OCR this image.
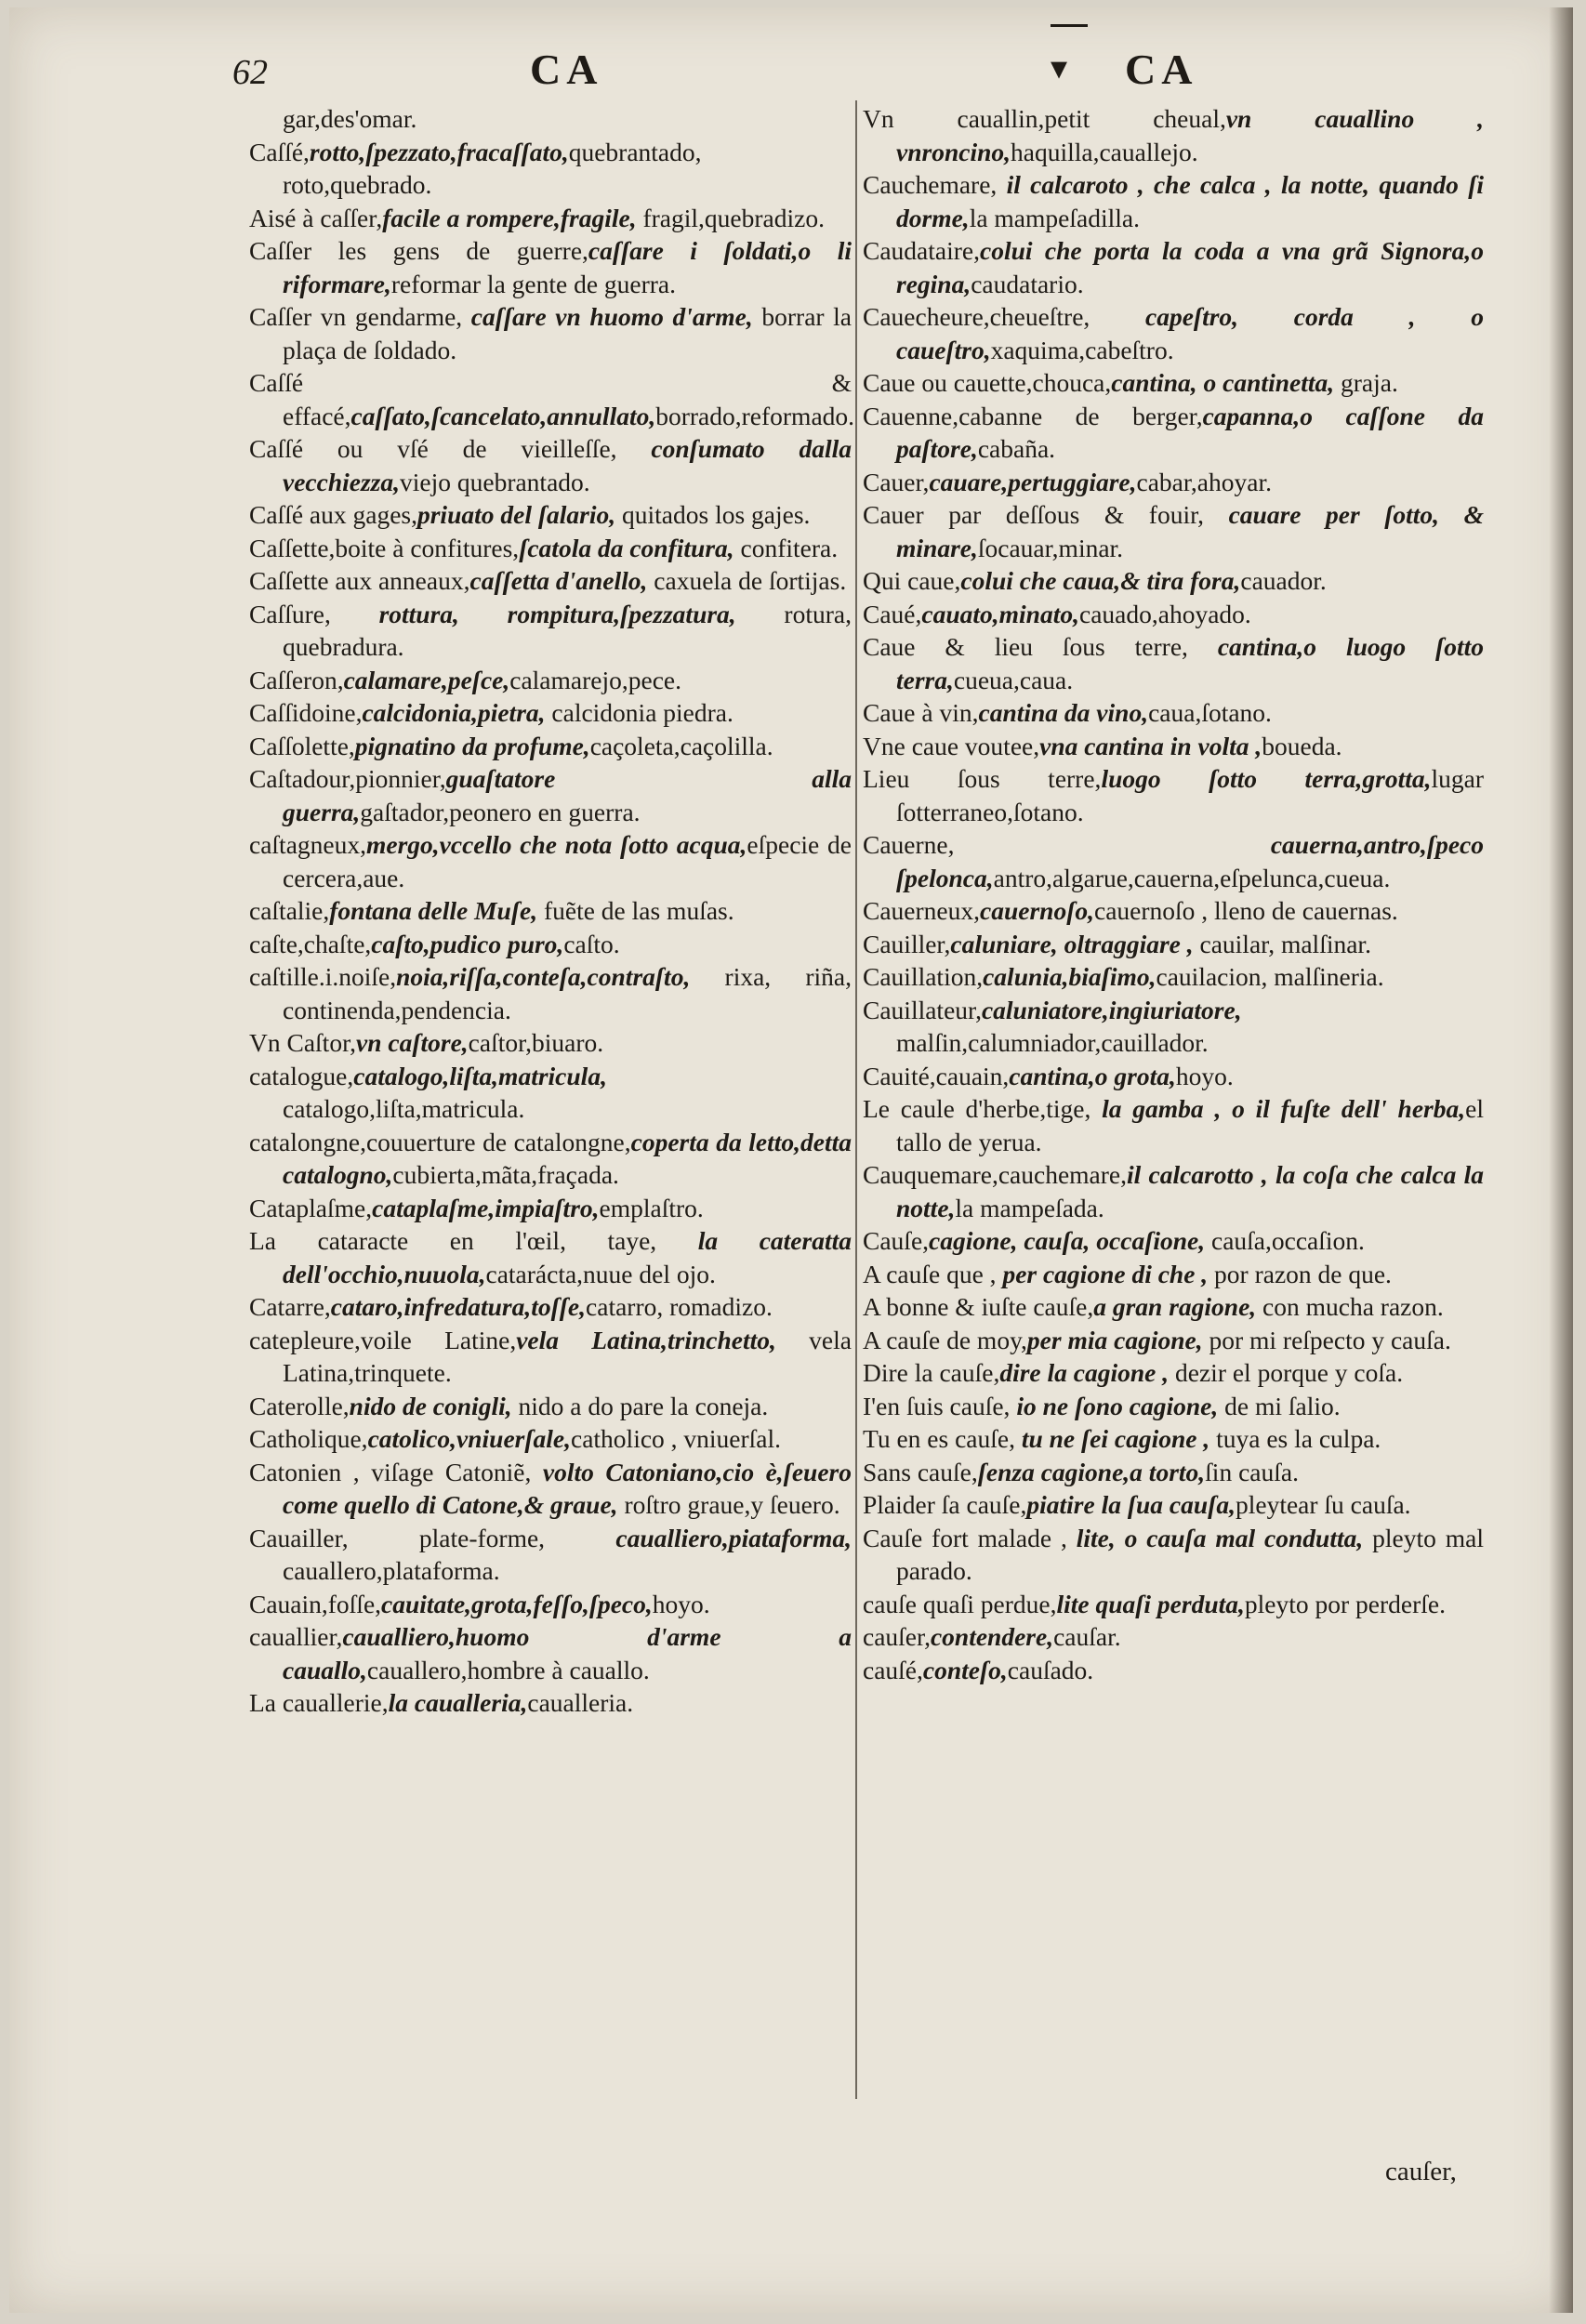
62	CA	▾ CA

gar,des'omar.

Caſſé,rotto,ſpezzato,fracaſſato,quebrantado, roto,quebrado.

Aisé à caſſer,facile a rompere,fragile, fragil,quebradizo.

Caſſer les gens de guerre,caſſare i ſoldati,o li riformare,reformar la gente de guerra.

Caſſer vn gendarme, caſſare vn huomo d'arme, borrar la plaça de ſoldado.

Caſſé & effacé,caſſato,ſcancelato,annullato,borrado,reformado.

Caſſé ou vſé de vieilleſſe, conſumato dalla vecchiezza,viejo quebrantado.

Caſſé aux gages,priuato del ſalario, quitados los gajes.

Caſſette,boite à confitures,ſcatola da confitura, confitera.

Caſſette aux anneaux,caſſetta d'anello, caxuela de ſortijas.

Caſſure, rottura, rompitura,ſpezzatura, rotura, quebradura.

Caſſeron,calamare,peſce,calamarejo,pece.

Caſſidoine,calcidonia,pietra, calcidonia piedra.

Caſſolette,pignatino da profume,caçoleta,caçolilla.

Caſtadour,pionnier,guaſtatore alla guerra,gaſtador,peonero en guerra.

caſtagneux,mergo,vccello che nota ſotto acqua,eſpecie de cercera,aue.

caſtalie,fontana delle Muſe, fuẽte de las muſas.

caſte,chaſte,caſto,pudico puro,caſto.

caſtille.i.noiſe,noia,riſſa,conteſa,contraſto, rixa, riña, continenda,pendencia.

Vn Caſtor,vn caſtore,caſtor,biuaro.

catalogue,catalogo,liſta,matricula, catalogo,liſta,matricula.

catalongne,couuerture de catalongne,coperta da letto,detta catalogno,cubierta,mãta,fraçada.

Cataplaſme,cataplaſme,impiaſtro,emplaſtro.

La cataracte en l'œil, taye, la cateratta dell'occhio,nuuola,catarácta,nuue del ojo.

Catarre,cataro,infredatura,toſſe,catarro, romadizo.

catepleure,voile Latine,vela Latina,trinchetto, vela Latina,trinquete.

Caterolle,nido de conigli, nido a do pare la coneja.

Catholique,catolico,vniuerſale,catholico , vniuerſal.

Catonien , viſage Catoniẽ, volto Catoniano,cio è,ſeuero come quello di Catone,& graue, roſtro graue,y ſeuero.

Cauailler, plate-forme, caualliero,piataforma, cauallero,plataforma.

Cauain,foſſe,cauitate,grota,feſſo,ſpeco,hoyo.

cauallier,caualliero,huomo d'arme a cauallo,cauallero,hombre à cauallo.

La cauallerie,la caualleria,caualleria.

Vn cauallin,petit cheual,vn cauallino , vnroncino,haquilla,cauallejo.

Cauchemare, il calcaroto , che calca , la notte, quando ſi dorme,la mampeſadilla.

Caudataire,colui che porta la coda a vna grã Signora,o regina,caudatario.

Cauecheure,cheueſtre, capeſtro, corda , o caueſtro,xaquima,cabeſtro.

Caue ou cauette,chouca,cantina, o cantinetta, graja.

Cauenne,cabanne de berger,capanna,o caſſone da paſtore,cabaña.

Cauer,cauare,pertuggiare,cabar,ahoyar.

Cauer par deſſous & fouir, cauare per ſotto, & minare,ſocauar,minar.

Qui caue,colui che caua,& tira fora,cauador.

Caué,cauato,minato,cauado,ahoyado.

Caue & lieu ſous terre, cantina,o luogo ſotto terra,cueua,caua.

Caue à vin,cantina da vino,caua,ſotano.

Vne caue voutee,vna cantina in volta ,boueda.

Lieu ſous terre,luogo ſotto terra,grotta,lugar ſotterraneo,ſotano.

Cauerne, cauerna,antro,ſpeco ſpelonca,antro,algarue,cauerna,eſpelunca,cueua.

Cauerneux,cauernoſo,cauernoſo , lleno de cauernas.

Cauiller,caluniare, oltraggiare , cauilar, malſinar.

Cauillation,calunia,biaſimo,cauilacion, malſineria.

Cauillateur,caluniatore,ingiuriatore, malſin,calumniador,cauillador.

Cauité,cauain,cantina,o grota,hoyo.

Le caule d'herbe,tige, la gamba , o il fuſte dell' herba,el tallo de yerua.

Cauquemare,cauchemare,il calcarotto , la coſa che calca la notte,la mampeſada.

Cauſe,cagione, cauſa, occaſione, cauſa,occaſion.

A cauſe que , per cagione di che , por razon de que.

A bonne & iuſte cauſe,a gran ragione, con mucha razon.

A cauſe de moy,per mia cagione, por mi reſpecto y cauſa.

Dire la cauſe,dire la cagione , dezir el porque y coſa.

I'en ſuis cauſe, io ne ſono cagione, de mi ſalio.

Tu en es cauſe, tu ne ſei cagione , tuya es la culpa.

Sans cauſe,ſenza cagione,a torto,ſin cauſa.

Plaider ſa cauſe,piatire la ſua cauſa,pleytear ſu cauſa.

Cauſe fort malade , lite, o cauſa mal condutta, pleyto mal parado.

cauſe quaſi perdue,lite quaſi perduta,pleyto por perderſe.

cauſer,contendere,cauſar.

cauſé,conteſo,cauſado.

cauſer,
